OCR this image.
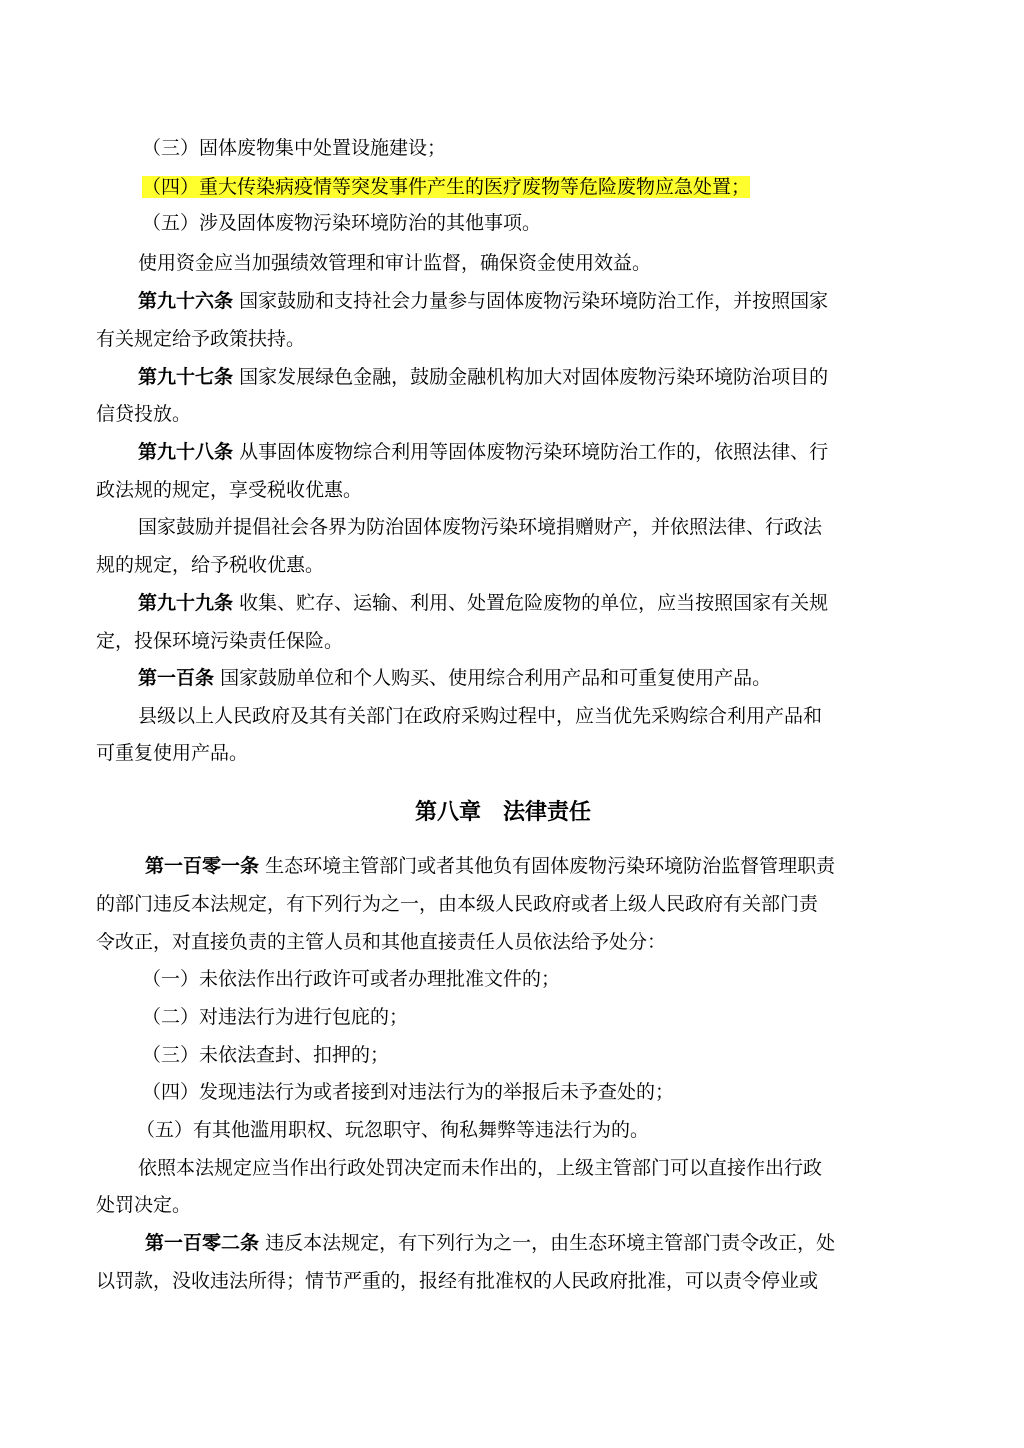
（三）固体废物集中处置设施建设；
（四）重大传染病疫情等突发事件产生的医疗废物等危险废物应急处置；
（五）涉及固体废物污染环境防治的其他事项。
使用资金应当加强绩效管理和审计监督，确保资金使用效益。
第九十六条 国家鼓励和支持社会力量参与固体废物污染环境防治工作，并按照国家
有关规定给予政策扶持。
第九十七条 国家发展绿色金融，鼓励金融机构加大对固体废物污染环境防治项目的
信贷投放。
第九十八条 从事固体废物综合利用等固体废物污染环境防治工作的，依照法律、行
政法规的规定，享受税收优惠。
国家鼓励并提倡社会各界为防治固体废物污染环境捐赠财产，并依照法律、行政法
规的规定，给予税收优惠。
第九十九条 收集、贮存、运输、利用、处置危险废物的单位，应当按照国家有关规
定，投保环境污染责任保险。
第一百条 国家鼓励单位和个人购买、使用综合利用产品和可重复使用产品。
县级以上人民政府及其有关部门在政府采购过程中，应当优先采购综合利用产品和
可重复使用产品。
第八章　法律责任
第一百零一条 生态环境主管部门或者其他负有固体废物污染环境防治监督管理职责
的部门违反本法规定，有下列行为之一，由本级人民政府或者上级人民政府有关部门责
令改正，对直接负责的主管人员和其他直接责任人员依法给予处分：
（一）未依法作出行政许可或者办理批准文件的；
（二）对违法行为进行包庇的；
（三）未依法查封、扣押的；
（四）发现违法行为或者接到对违法行为的举报后未予查处的；
（五）有其他滥用职权、玩忽职守、徇私舞弊等违法行为的。
依照本法规定应当作出行政处罚决定而未作出的，上级主管部门可以直接作出行政
处罚决定。
第一百零二条 违反本法规定，有下列行为之一，由生态环境主管部门责令改正，处
以罚款，没收违法所得；情节严重的，报经有批准权的人民政府批准，可以责令停业或
